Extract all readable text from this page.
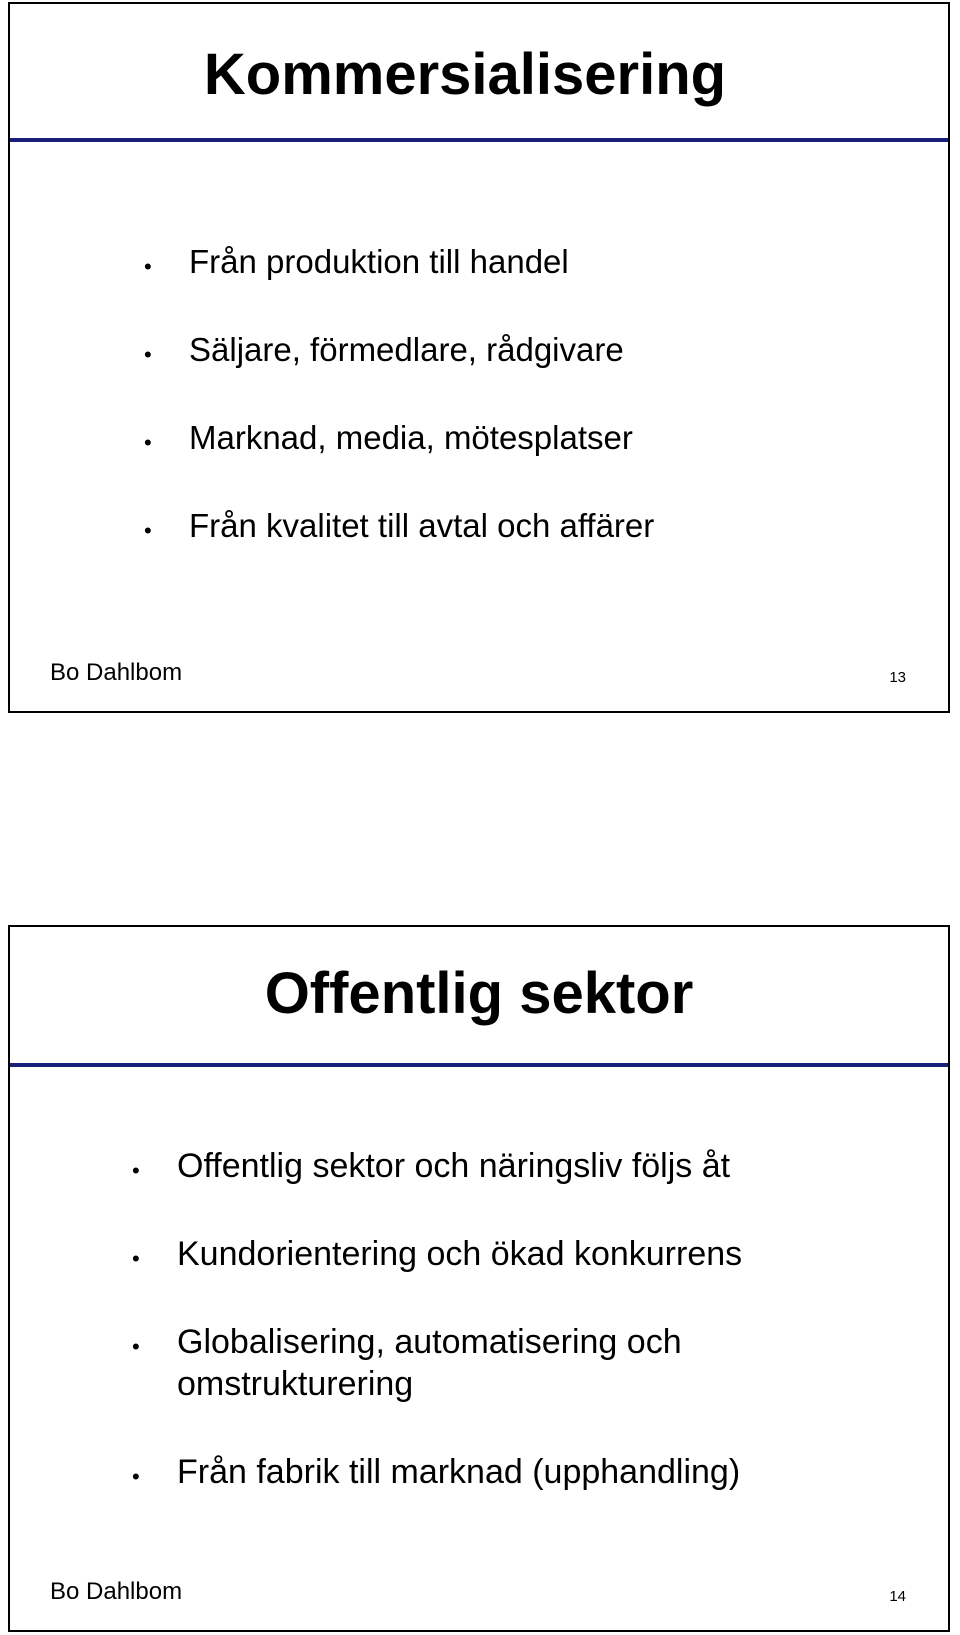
Kommersialisering
• Från produktion till handel
• Säljare, förmedlare, rådgivare
• Marknad, media, mötesplatser
• Från kvalitet till avtal och affärer
Bo Dahlbom	13
Offentlig sektor
• Offentlig sektor och näringsliv följs åt
• Kundorientering och ökad konkurrens
• Globalisering, automatisering och omstrukturering
• Från fabrik till marknad (upphandling)
Bo Dahlbom	14
